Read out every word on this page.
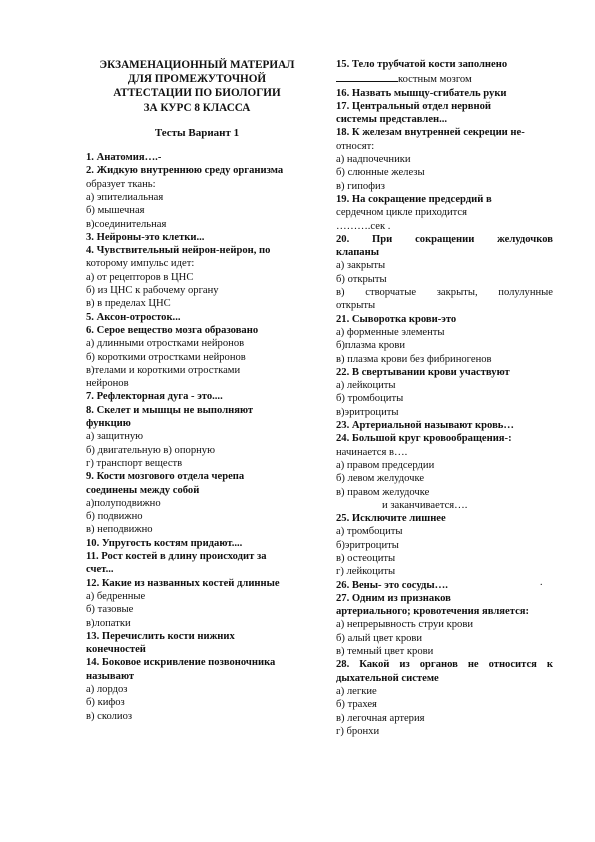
ЭКЗАМЕНАЦИОННЫЙ МАТЕРИАЛ
ДЛЯ ПРОМЕЖУТОЧНОЙ
АТТЕСТАЦИИ ПО БИОЛОГИИ
ЗА КУРС 8 КЛАССА
Тесты Вариант 1
1. Анатомия….-
2. Жидкую внутреннюю среду организма
образует ткань:
а) эпителиальная
б) мышечная
в)соединительная
3. Нейроны-это клетки...
4. Чувствительный нейрон-нейрон, по
которому импульс идет:
а) от рецепторов в ЦНС
б) из ЦНС к рабочему органу
в) в пределах ЦНС
5. Аксон-отросток...
6. Серое вещество мозга образовано
а) длинными отростками нейронов
б) короткими отростками нейронов
в)телами и короткими отростками
нейронов
7. Рефлекторная дуга - это....
8. Скелет и мышцы не выполняют
функцию
а) защитную
б) двигательную в) опорную
г) транспорт веществ
9. Кости мозгового отдела черепа
соединены между собой
а)полуподвижно
б) подвижно
в) неподвижно
10. Упругость костям придают....
11. Рост костей в длину происходит за
счет...
12. Какие из названных костей длинные
а) бедренные
б) тазовые
в)лопатки
13. Перечислить кости нижних
конечностей
14. Боковое искривление позвоночника
называют
а) лордоз
б) кифоз
в) сколиоз
15. Тело трубчатой кости заполнено
костным мозгом
16. Назвать мышцу-сгибатель руки
17. Центральный отдел нервной
системы представлен...
18. К железам внутренней секреции не-
относят:
а) надпочечники
б) слюнные железы
в) гипофиз
19. На сокращение предсердий в
сердечном цикле приходится
……….сек .
20. При сокращении желудочков
клапаны
а) закрыты
б) открыты
в) створчатые закрыты, полулунные
открыты
21. Сыворотка крови-это
а) форменные элементы
б)плазма крови
в) плазма крови без фибриногенов
22. В свертывании крови участвуют
а) лейкоциты
б) тромбоциты
в)эритроциты
23. Артериальной называют кровь…
24. Большой круг кровообращения-:
начинается в….
а) правом предсердии
б) левом желудочке
в) правом желудочке
и заканчивается….
25. Исключите лишнее
а) тромбоциты
б)эритроциты
в) остеоциты
г) лейкоциты
26. Вены- это сосуды….
27. Одним из признаков
артериального; кровотечения является:
а) непрерывность струи крови
б) алый цвет крови
в) темный цвет крови
28. Какой из органов не относится к
дыхательной системе
а) легкие
б) трахея
в) легочная артерия
г) бронхи
.
